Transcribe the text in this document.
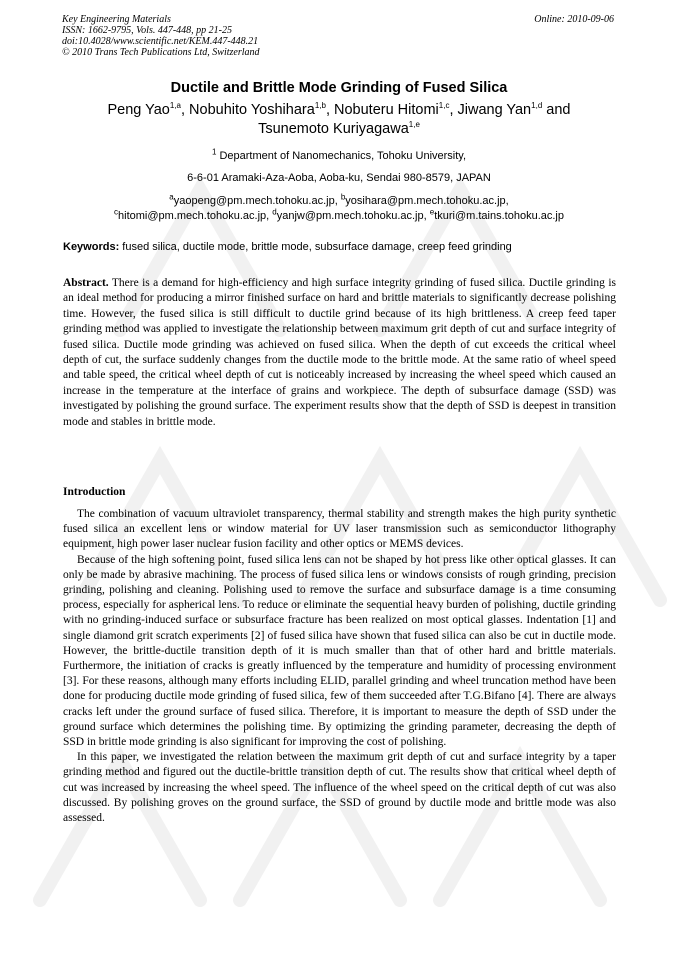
Key Engineering Materials
ISSN: 1662-9795, Vols. 447-448, pp 21-25
doi:10.4028/www.scientific.net/KEM.447-448.21
© 2010 Trans Tech Publications Ltd, Switzerland
Online: 2010-09-06
Ductile and Brittle Mode Grinding of Fused Silica
Peng Yao$^{1,a}$, Nobuhito Yoshihara$^{1,b}$, Nobuteru Hitomi$^{1,c}$, Jiwang Yan$^{1,d}$ and
Tsunemoto Kuriyagawa$^{1,e}$
$^1$ Department of Nanomechanics, Tohoku University,
6-6-01 Aramaki-Aza-Aoba, Aoba-ku, Sendai 980-8579, JAPAN
$^a$yaopeng@pm.mech.tohoku.ac.jp, $^b$yosihara@pm.mech.tohoku.ac.jp,
$^c$hitomi@pm.mech.tohoku.ac.jp, $^d$yanjw@pm.mech.tohoku.ac.jp, $^e$tkuri@m.tains.tohoku.ac.jp
Keywords: fused silica, ductile mode, brittle mode, subsurface damage, creep feed grinding
Abstract. There is a demand for high-efficiency and high surface integrity grinding of fused silica. Ductile grinding is an ideal method for producing a mirror finished surface on hard and brittle materials to significantly decrease polishing time. However, the fused silica is still difficult to ductile grind because of its high brittleness. A creep feed taper grinding method was applied to investigate the relationship between maximum grit depth of cut and surface integrity of fused silica. Ductile mode grinding was achieved on fused silica. When the depth of cut exceeds the critical wheel depth of cut, the surface suddenly changes from the ductile mode to the brittle mode. At the same ratio of wheel speed and table speed, the critical wheel depth of cut is noticeably increased by increasing the wheel speed which caused an increase in the temperature at the interface of grains and workpiece. The depth of subsurface damage (SSD) was investigated by polishing the ground surface. The experiment results show that the depth of SSD is deepest in transition mode and stables in brittle mode.
Introduction

The combination of vacuum ultraviolet transparency, thermal stability and strength makes the high purity synthetic fused silica an excellent lens or window material for UV laser transmission such as semiconductor lithography equipment, high power laser nuclear fusion facility and other optics or MEMS devices.

Because of the high softening point, fused silica lens can not be shaped by hot press like other optical glasses. It can only be made by abrasive machining. The process of fused silica lens or windows consists of rough grinding, precision grinding, polishing and cleaning. Polishing used to remove the surface and subsurface damage is a time consuming process, especially for aspherical lens. To reduce or eliminate the sequential heavy burden of polishing, ductile grinding with no grinding-induced surface or subsurface fracture has been realized on most optical glasses. Indentation [1] and single diamond grit scratch experiments [2] of fused silica have shown that fused silica can also be cut in ductile mode. However, the brittle-ductile transition depth of it is much smaller than that of other hard and brittle materials. Furthermore, the initiation of cracks is greatly influenced by the temperature and humidity of processing environment [3]. For these reasons, although many efforts including ELID, parallel grinding and wheel truncation method have been done for producing ductile mode grinding of fused silica, few of them succeeded after T.G.Bifano [4]. There are always cracks left under the ground surface of fused silica. Therefore, it is important to measure the depth of SSD under the ground surface which determines the polishing time. By optimizing the grinding parameter, decreasing the depth of SSD in brittle mode grinding is also significant for improving the cost of polishing.

In this paper, we investigated the relation between the maximum grit depth of cut and surface integrity by a taper grinding method and figured out the ductile-brittle transition depth of cut. The results show that critical wheel depth of cut was increased by increasing the wheel speed. The influence of the wheel speed on the critical depth of cut was also discussed. By polishing groves on the ground surface, the SSD of ground by ductile mode and brittle mode was also assessed.
